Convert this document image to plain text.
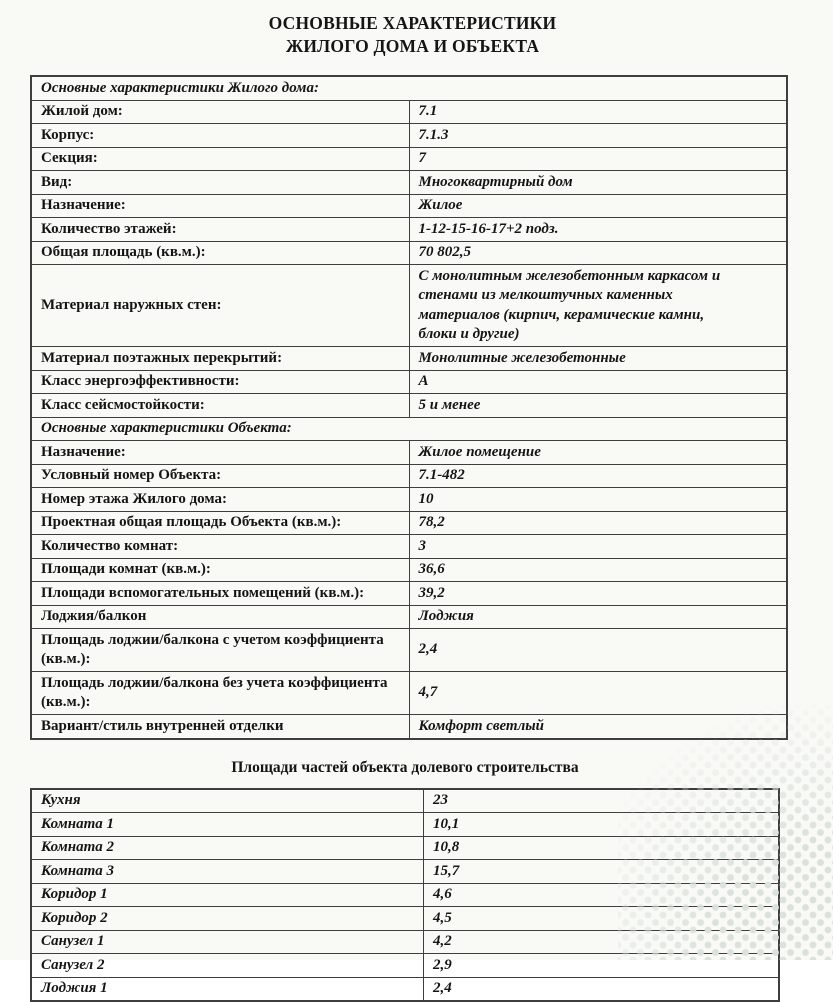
ОСНОВНЫЕ ХАРАКТЕРИСТИКИ
ЖИЛОГО ДОМА И ОБЪЕКТА
Основные характеристики Жилого дома:	
Жилой дом:	7.1
Корпус:	7.1.3
Секция:	7
Вид:	Многоквартирный дом
Назначение:	Жилое
Количество этажей:	1-12-15-16-17+2 подз.
Общая площадь (кв.м.):	70 802,5
Материал наружных стен:	С монолитным железобетонным каркасом и стенами из мелкоштучных каменных материалов (кирпич, керамические камни, блоки и другие)
Материал поэтажных перекрытий:	Монолитные железобетонные
Класс энергоэффективности:	А
Класс сейсмостойкости:	5 и менее
Основные характеристики Объекта:	
Назначение:	Жилое помещение
Условный номер Объекта:	7.1-482
Номер этажа Жилого дома:	10
Проектная общая площадь Объекта (кв.м.):	78,2
Количество комнат:	3
Площади комнат (кв.м.):	36,6
Площади вспомогательных помещений (кв.м.):	39,2
Лоджия/балкон	Лоджия
Площадь лоджии/балкона с учетом коэффициента (кв.м.):	2,4
Площадь лоджии/балкона без учета коэффициента (кв.м.):	4,7
Вариант/стиль внутренней отделки	Комфорт светлый
Площади частей объекта долевого строительства
Кухня	23
Комната 1	10,1
Комната 2	10,8
Комната 3	15,7
Коридор 1	4,6
Коридор 2	4,5
Санузел 1	4,2
Санузел 2	2,9
Лоджия 1	2,4
